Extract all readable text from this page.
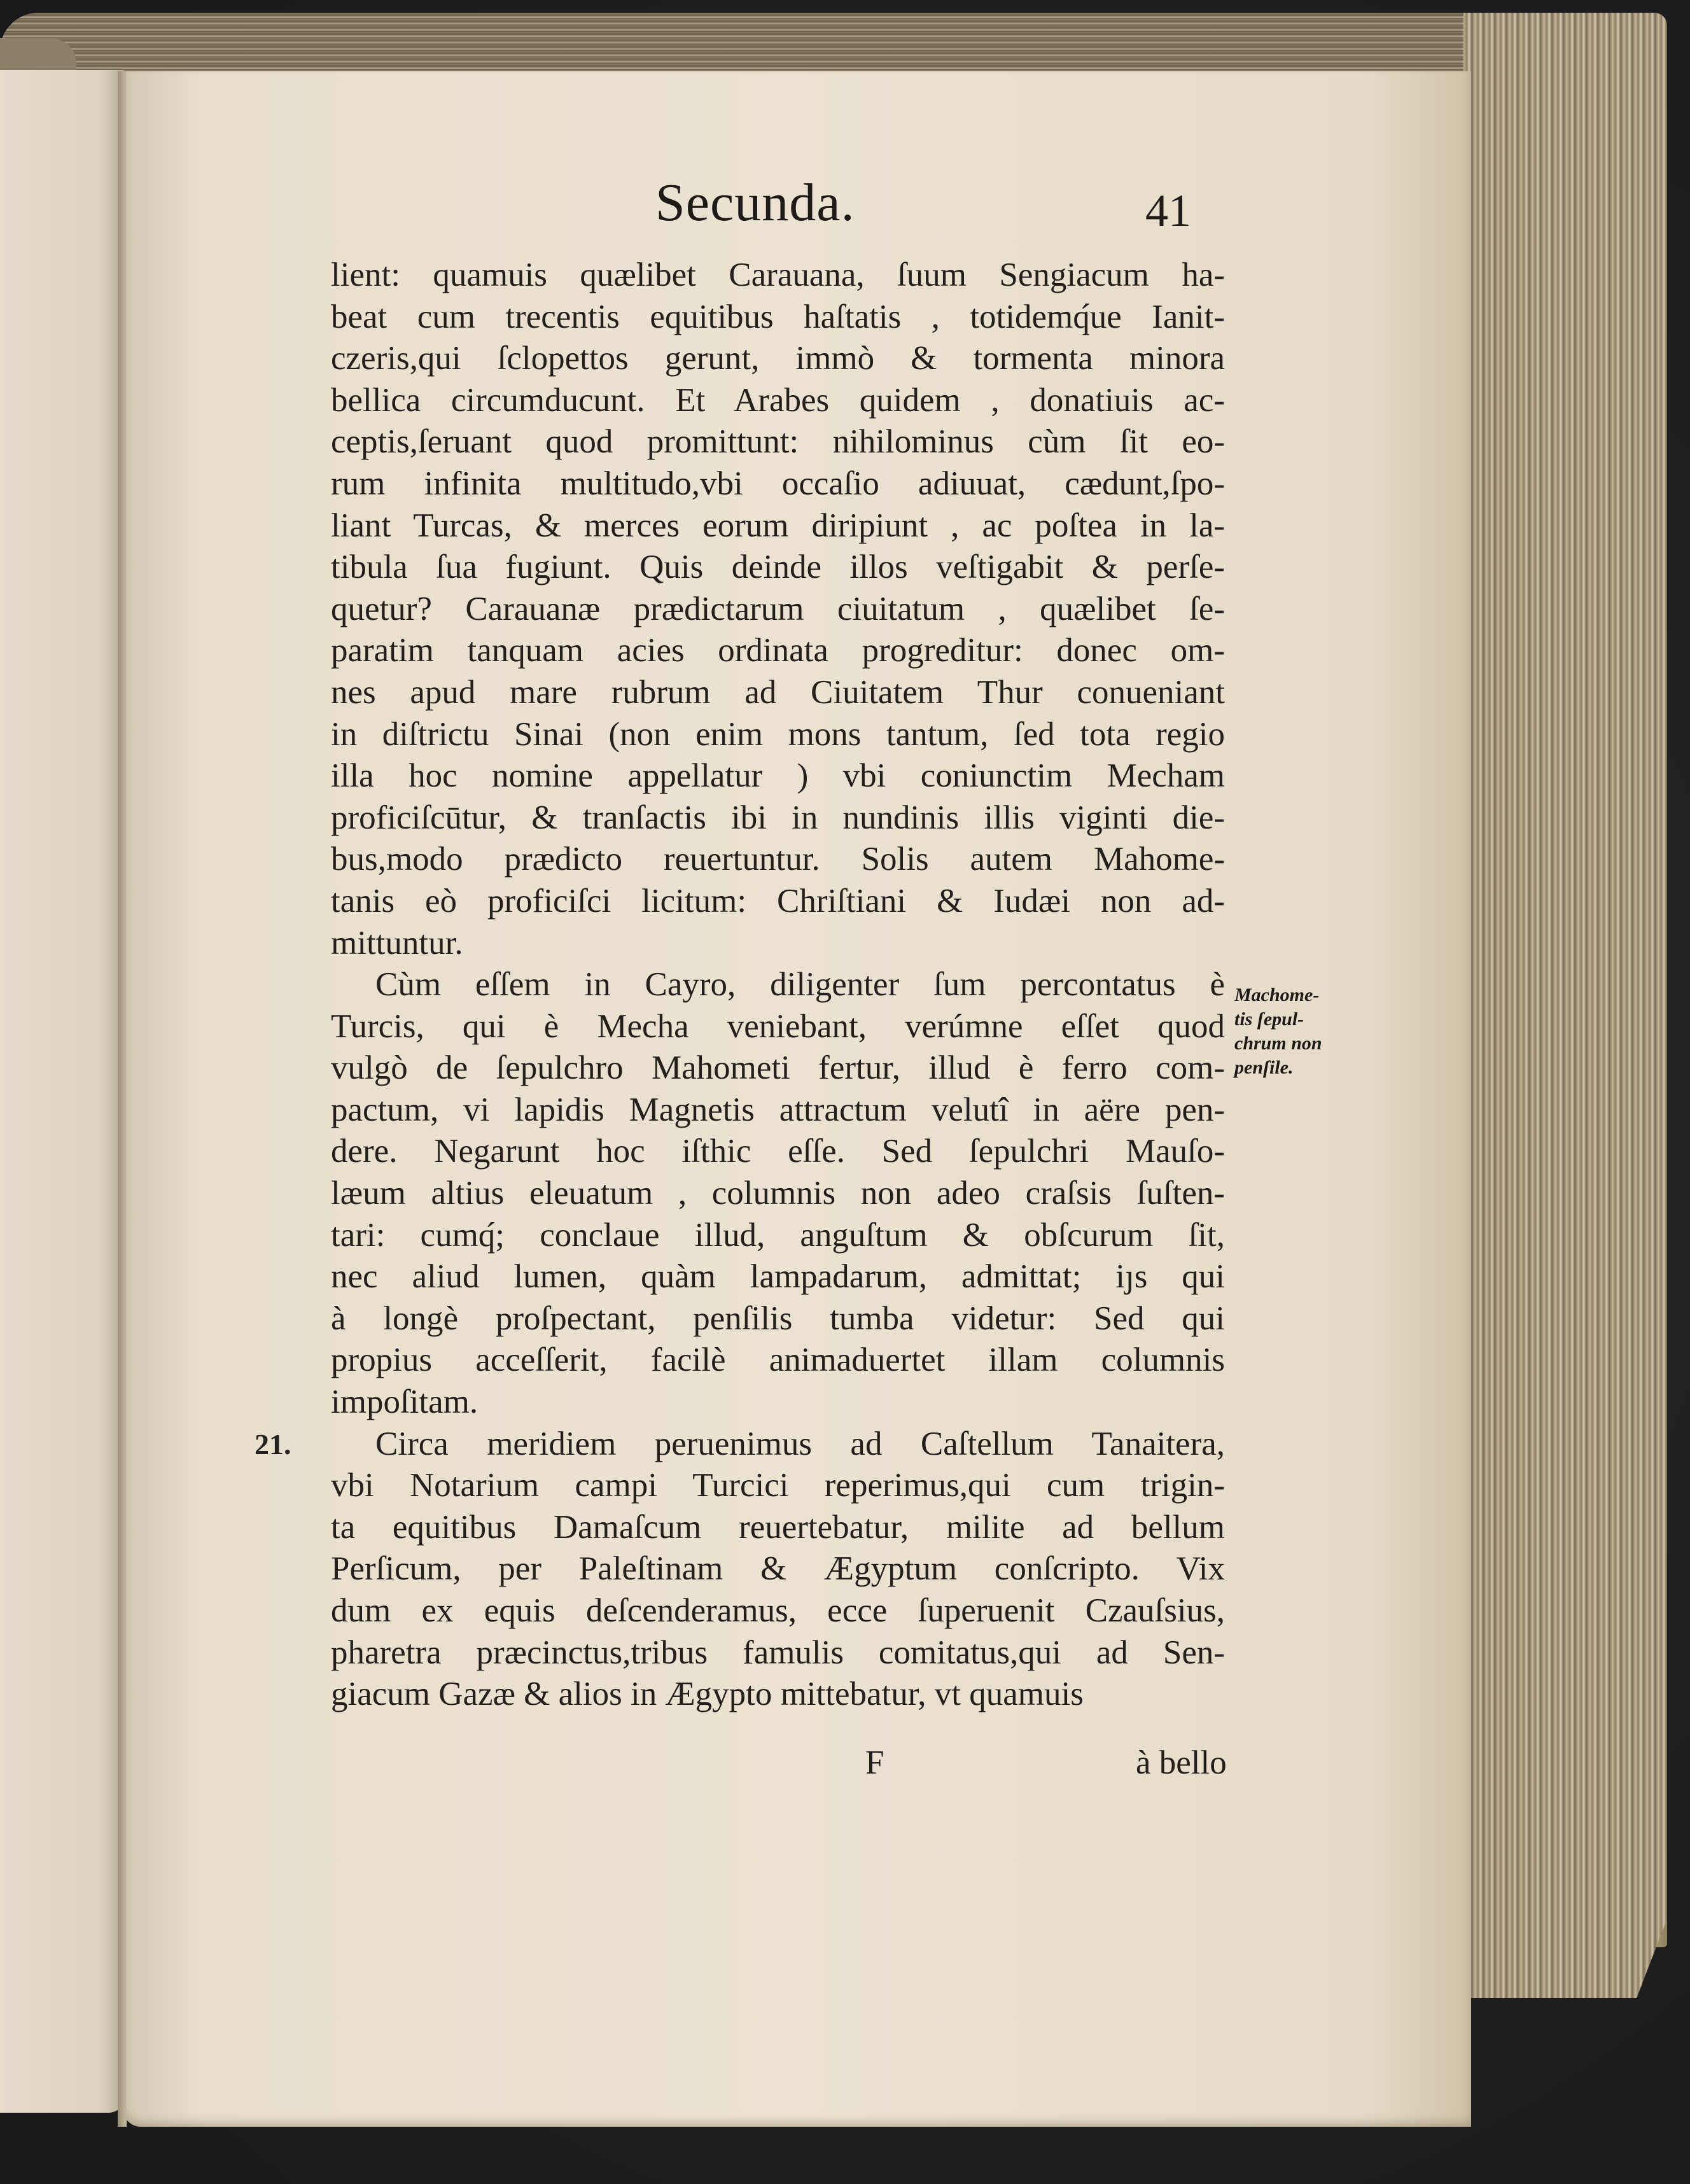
Secunda.	41
lient: quamuis quælibet Carauana, ſuum Sengiacum ha-
beat cum trecentis equitibus haſtatis , totidemq́ue Ianit-
czeris,qui ſclopettos gerunt, immò & tormenta minora
bellica circumducunt. Et Arabes quidem , donatiuis ac-
ceptis,ſeruant quod promittunt: nihilominus cùm ſit eo-
rum infinita multitudo,vbi occaſio adiuuat, cædunt,ſpo-
liant Turcas, & merces eorum diripiunt , ac poſtea in la-
tibula ſua fugiunt. Quis deinde illos veſtigabit & perſe-
quetur? Carauanæ prædictarum ciuitatum , quælibet ſe-
paratim tanquam acies ordinata progreditur: donec om-
nes apud mare rubrum ad Ciuitatem Thur conueniant
in diſtrictu Sinai (non enim mons tantum, ſed tota regio
illa hoc nomine appellatur ) vbi coniunctim Mecham
proficiſcūtur, & tranſactis ibi in nundinis illis viginti die-
bus,modo prædicto reuertuntur. Solis autem Mahome-
tanis eò proficiſci licitum: Chriſtiani & Iudæi non ad-
mittuntur.
Cùm eſſem in Cayro, diligenter ſum percontatus è
Turcis, qui è Mecha veniebant, verúmne eſſet quod
vulgò de ſepulchro Mahometi fertur, illud è ferro com-
pactum, vi lapidis Magnetis attractum velutî in aëre pen-
dere. Negarunt hoc iſthic eſſe. Sed ſepulchri Mauſo-
læum altius eleuatum , columnis non adeo craſsis ſuſten-
tari: cumq́; conclaue illud, anguſtum & obſcurum ſit,
nec aliud lumen, quàm lampadarum, admittat; iȷs qui
à longè proſpectant, penſilis tumba videtur: Sed qui
propius acceſſerit, facilè animaduertet illam columnis
impoſitam.
Circa meridiem peruenimus ad Caſtellum Tanaitera,
21.
vbi Notarium campi Turcici reperimus,qui cum trigin-
ta equitibus Damaſcum reuertebatur, milite ad bellum
Perſicum, per Paleſtinam & Ægyptum conſcripto. Vix
dum ex equis deſcenderamus, ecce ſuperuenit Czauſsius,
pharetra præcinctus,tribus famulis comitatus,qui ad Sen-
giacum Gazæ & alios in Ægypto mittebatur, vt quamuis
Machome-
tis ſepul-
chrum non
penſile.
F	à bello
